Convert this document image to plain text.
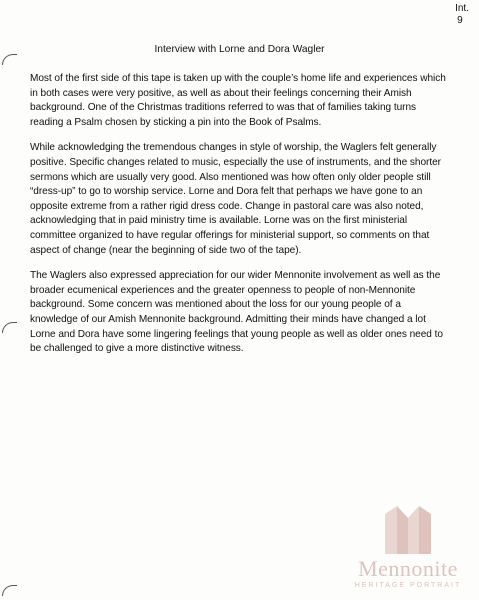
Int.
9
Interview with Lorne and Dora Wagler

Most of the first side of this tape is taken up with the couple’s home life and experiences which in both cases were very positive, as well as about their feelings concerning their Amish background. One of the Christmas traditions referred to was that of families taking turns reading a Psalm chosen by sticking a pin into the Book of Psalms.

While acknowledging the tremendous changes in style of worship, the Waglers felt generally positive. Specific changes related to music, especially the use of instruments, and the shorter sermons which are usually very good. Also mentioned was how often only older people still “dress-up” to go to worship service. Lorne and Dora felt that perhaps we have gone to an opposite extreme from a rather rigid dress code. Change in pastoral care was also noted, acknowledging that in paid ministry time is available. Lorne was on the first ministerial committee organized to have regular offerings for ministerial support, so comments on that aspect of change (near the beginning of side two of the tape).

The Waglers also expressed appreciation for our wider Mennonite involvement as well as the broader ecumenical experiences and the greater openness to people of non-Mennonite background. Some concern was mentioned about the loss for our young people of a knowledge of our Amish Mennonite background. Admitting their minds have changed a lot Lorne and Dora have some lingering feelings that young people as well as older ones need to be challenged to give a more distinctive witness.

Mennonite
HERITAGE PORTRAIT
